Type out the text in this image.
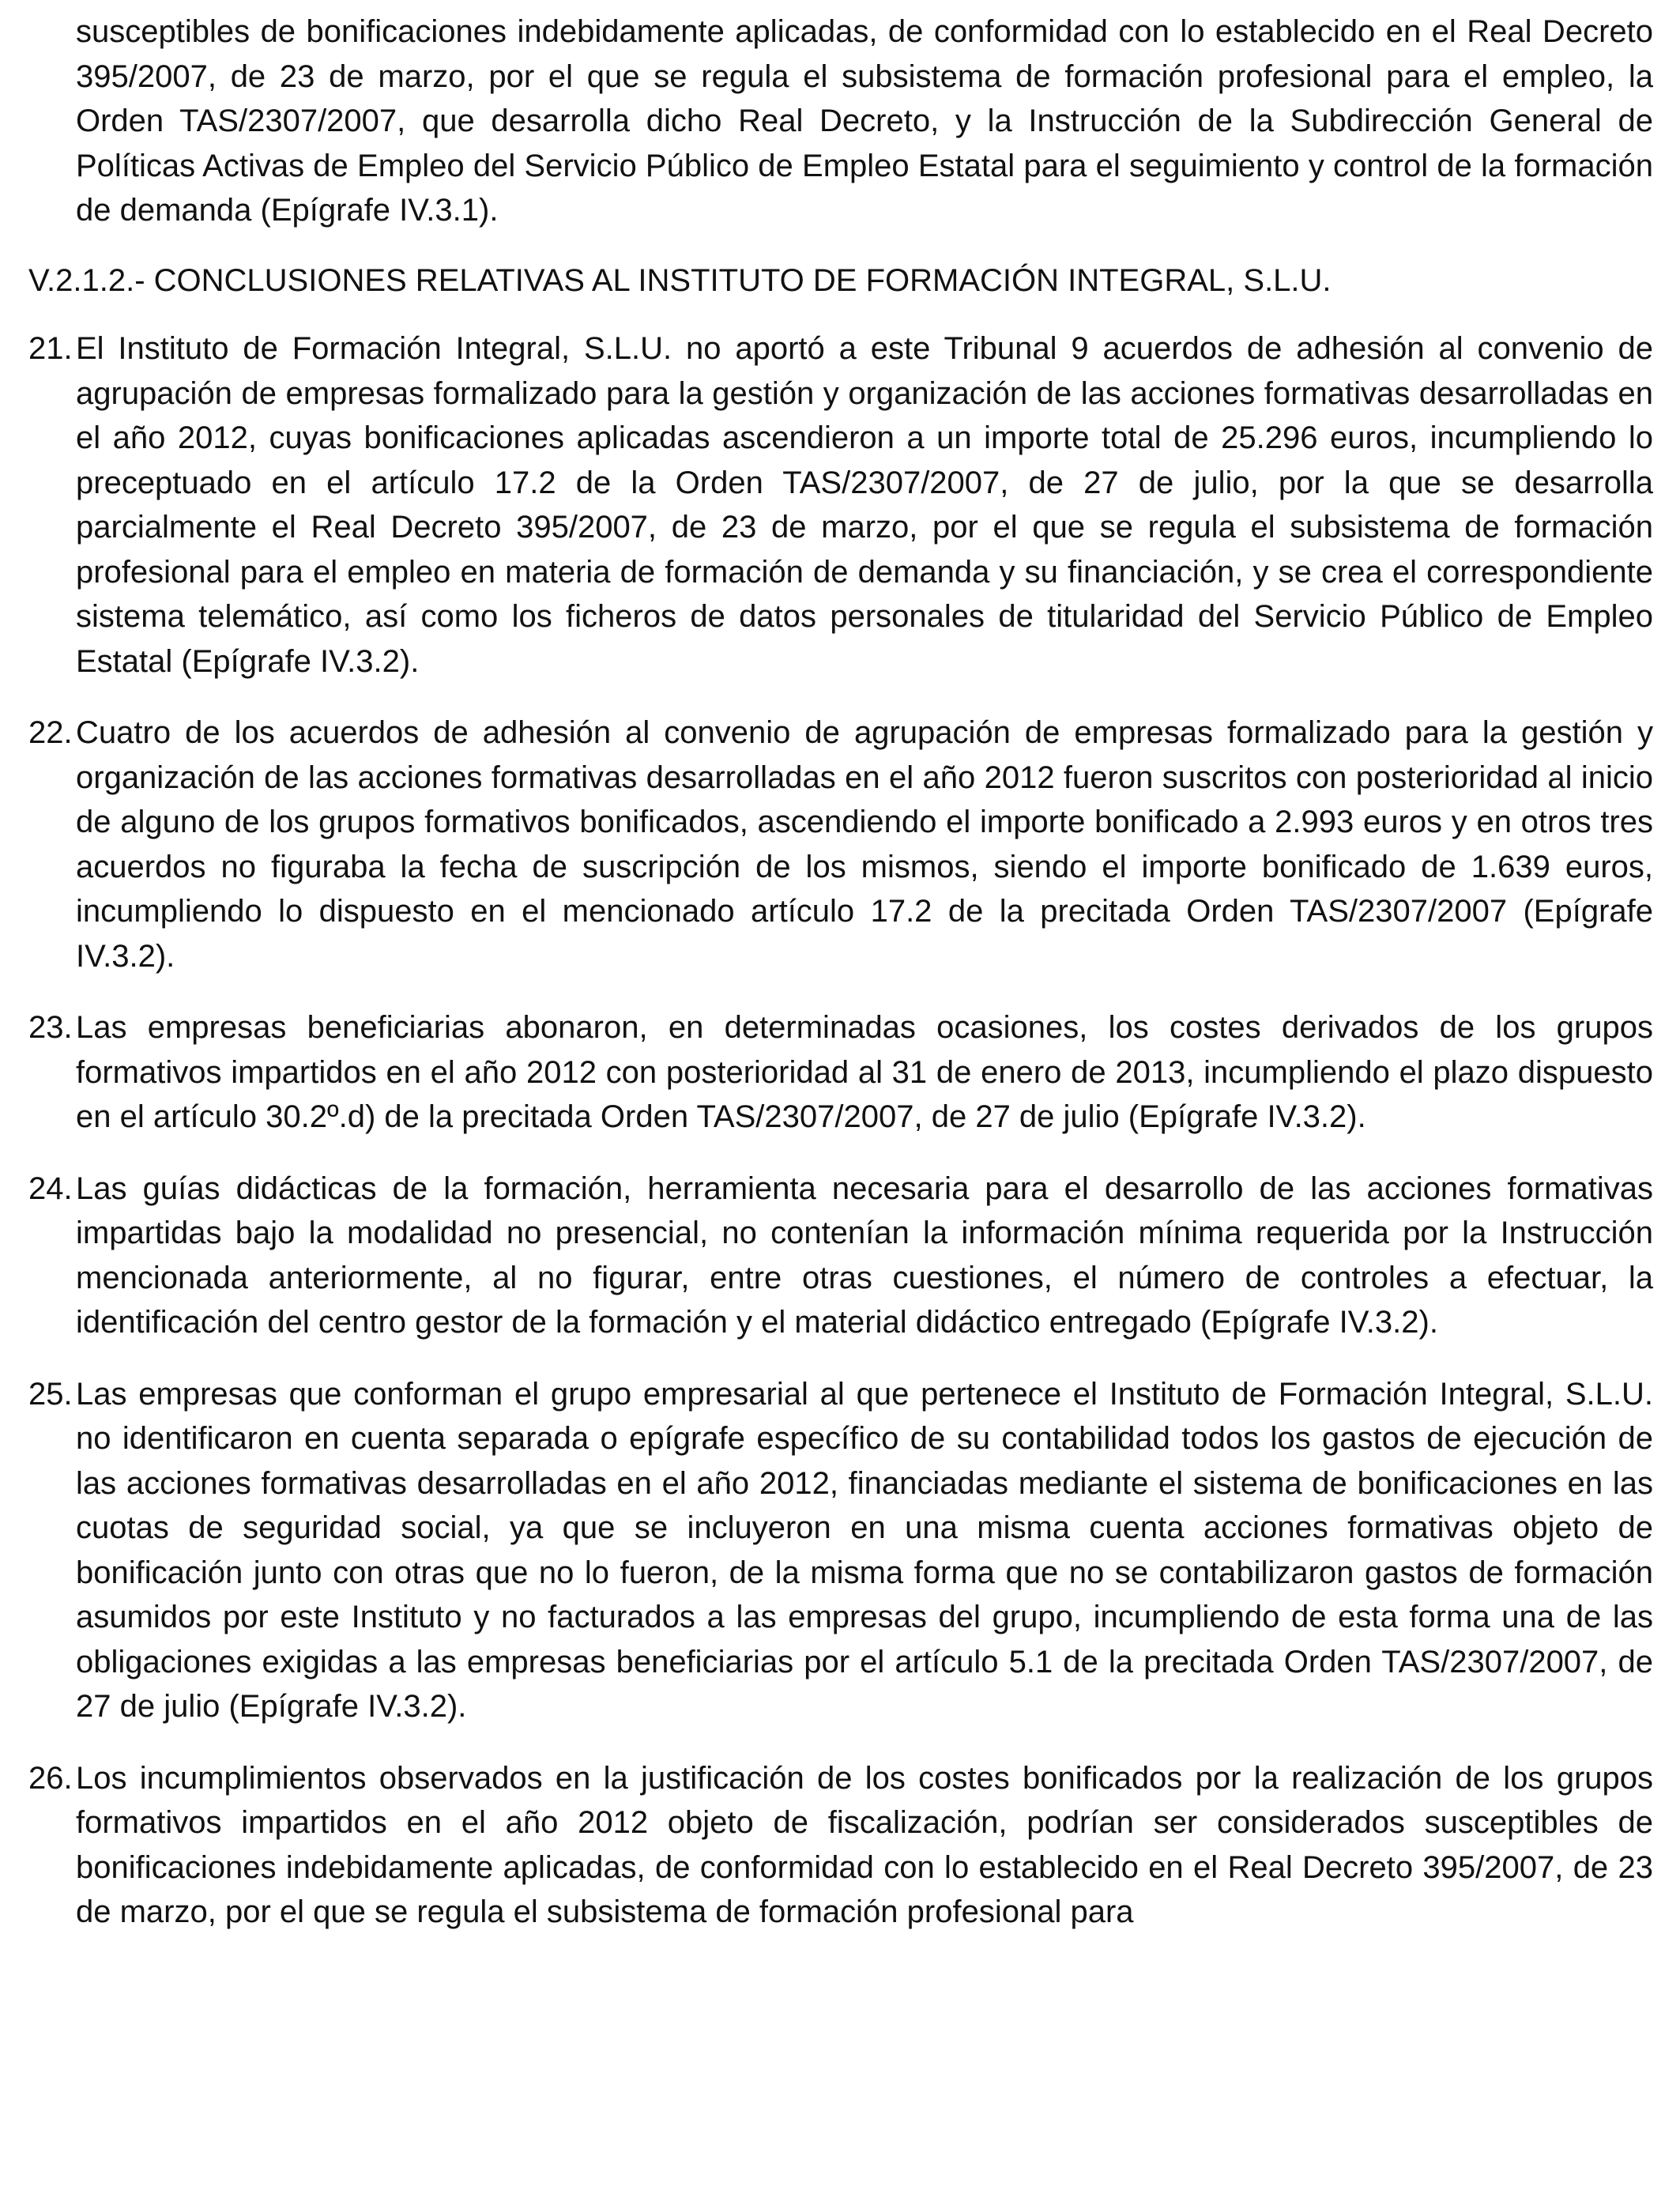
susceptibles de bonificaciones indebidamente aplicadas, de conformidad con lo establecido en el Real Decreto 395/2007, de 23 de marzo, por el que se regula el subsistema de formación profesional para el empleo, la Orden TAS/2307/2007, que desarrolla dicho Real Decreto, y la Instrucción de la Subdirección General de Políticas Activas de Empleo del Servicio Público de Empleo Estatal para el seguimiento y control de la formación de demanda (Epígrafe IV.3.1).

V.2.1.2.- CONCLUSIONES RELATIVAS AL INSTITUTO DE FORMACIÓN INTEGRAL, S.L.U.

21. El Instituto de Formación Integral, S.L.U. no aportó a este Tribunal 9 acuerdos de adhesión al convenio de agrupación de empresas formalizado para la gestión y organización de las acciones formativas desarrolladas en el año 2012, cuyas bonificaciones aplicadas ascendieron a un importe total de 25.296 euros, incumpliendo lo preceptuado en el artículo 17.2 de la Orden TAS/2307/2007, de 27 de julio, por la que se desarrolla parcialmente el Real Decreto 395/2007, de 23 de marzo, por el que se regula el subsistema de formación profesional para el empleo en materia de formación de demanda y su financiación, y se crea el correspondiente sistema telemático, así como los ficheros de datos personales de titularidad del Servicio Público de Empleo Estatal (Epígrafe IV.3.2).

22. Cuatro de los acuerdos de adhesión al convenio de agrupación de empresas formalizado para la gestión y organización de las acciones formativas desarrolladas en el año 2012 fueron suscritos con posterioridad al inicio de alguno de los grupos formativos bonificados, ascendiendo el importe bonificado a 2.993 euros y en otros tres acuerdos no figuraba la fecha de suscripción de los mismos, siendo el importe bonificado de 1.639 euros, incumpliendo lo dispuesto en el mencionado artículo 17.2 de la precitada Orden TAS/2307/2007 (Epígrafe IV.3.2).

23. Las empresas beneficiarias abonaron, en determinadas ocasiones, los costes derivados de los grupos formativos impartidos en el año 2012 con posterioridad al 31 de enero de 2013, incumpliendo el plazo dispuesto en el artículo 30.2º.d) de la precitada Orden TAS/2307/2007, de 27 de julio (Epígrafe IV.3.2).

24. Las guías didácticas de la formación, herramienta necesaria para el desarrollo de las acciones formativas impartidas bajo la modalidad no presencial, no contenían la información mínima requerida por la Instrucción mencionada anteriormente, al no figurar, entre otras cuestiones, el número de controles a efectuar, la identificación del centro gestor de la formación y el material didáctico entregado (Epígrafe IV.3.2).

25. Las empresas que conforman el grupo empresarial al que pertenece el Instituto de Formación Integral, S.L.U. no identificaron en cuenta separada o epígrafe específico de su contabilidad todos los gastos de ejecución de las acciones formativas desarrolladas en el año 2012, financiadas mediante el sistema de bonificaciones en las cuotas de seguridad social, ya que se incluyeron en una misma cuenta acciones formativas objeto de bonificación junto con otras que no lo fueron, de la misma forma que no se contabilizaron gastos de formación asumidos por este Instituto y no facturados a las empresas del grupo, incumpliendo de esta forma una de las obligaciones exigidas a las empresas beneficiarias por el artículo 5.1 de la precitada Orden TAS/2307/2007, de 27 de julio (Epígrafe IV.3.2).

26. Los incumplimientos observados en la justificación de los costes bonificados por la realización de los grupos formativos impartidos en el año 2012 objeto de fiscalización, podrían ser considerados susceptibles de bonificaciones indebidamente aplicadas, de conformidad con lo establecido en el Real Decreto 395/2007, de 23 de marzo, por el que se regula el subsistema de formación profesional para
